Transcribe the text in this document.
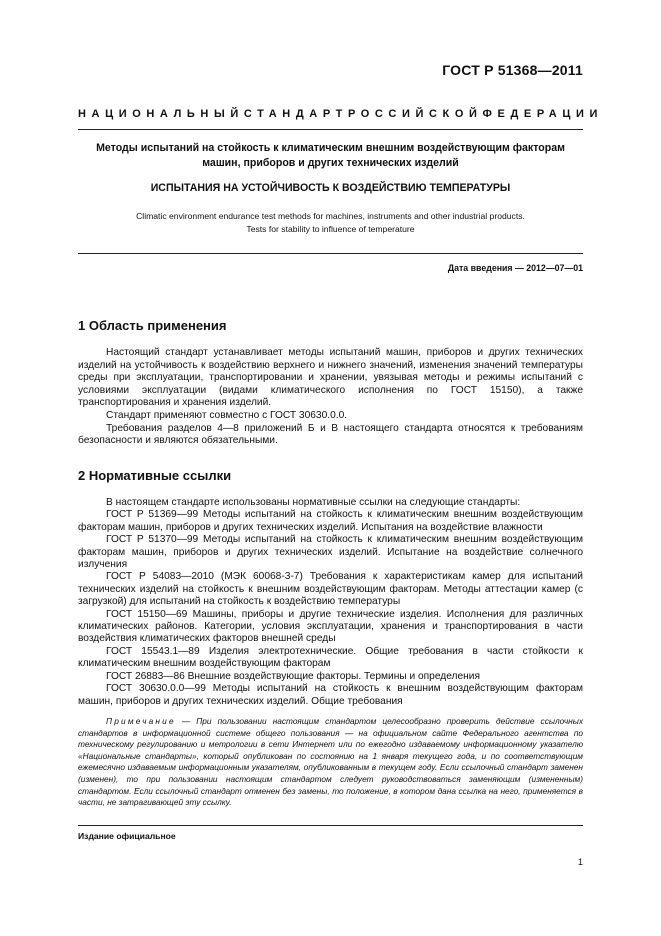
ГОСТ Р 51368—2011
НАЦИОНАЛЬНЫЙ СТАНДАРТ РОССИЙСКОЙ ФЕДЕРАЦИИ
Методы испытаний на стойкость к климатическим внешним воздействующим факторам
машин, приборов и других технических изделий
ИСПЫТАНИЯ НА УСТОЙЧИВОСТЬ К ВОЗДЕЙСТВИЮ ТЕМПЕРАТУРЫ
Climatic environment endurance test methods for machines, instruments and other industrial products.
Tests for stability to influence of temperature
Дата введения — 2012—07—01
1 Область применения

Настоящий стандарт устанавливает методы испытаний машин, приборов и других технических изделий на устойчивость к воздействию верхнего и нижнего значений, изменения значений температуры среды при эксплуатации, транспортировании и хранении, увязывая методы и режимы испытаний с условиями эксплуатации (видами климатического исполнения по ГОСТ 15150), а также транспортирования и хранения изделий.

Стандарт применяют совместно с ГОСТ 30630.0.0.

Требования разделов 4—8 приложений Б и В настоящего стандарта относятся к требованиям безопасности и являются обязательными.

2 Нормативные ссылки

В настоящем стандарте использованы нормативные ссылки на следующие стандарты:

ГОСТ Р 51369—99 Методы испытаний на стойкость к климатическим внешним воздействующим факторам машин, приборов и других технических изделий. Испытания на воздействие влажности

ГОСТ Р 51370—99 Методы испытаний на стойкость к климатическим внешним воздействующим факторам машин, приборов и других технических изделий. Испытание на воздействие солнечного излучения

ГОСТ Р 54083—2010 (МЭК 60068-3-7) Требования к характеристикам камер для испытаний технических изделий на стойкость к внешним воздействующим факторам. Методы аттестации камер (с загрузкой) для испытаний на стойкость к воздействию температуры

ГОСТ 15150—69 Машины, приборы и другие технические изделия. Исполнения для различных климатических районов. Категории, условия эксплуатации, хранения и транспортирования в части воздействия климатических факторов внешней среды

ГОСТ 15543.1—89 Изделия электротехнические. Общие требования в части стойкости к климатическим внешним воздействующим факторам

ГОСТ 26883—86 Внешние воздействующие факторы. Термины и определения

ГОСТ 30630.0.0—99 Методы испытаний на стойкость к внешним воздействующим факторам машин, приборов и других технических изделий. Общие требования

Примечание — При пользовании настоящим стандартом целесообразно проверить действие ссылочных стандартов в информационной системе общего пользования — на официальном сайте Федерального агентства по техническому регулированию и метрологии в сети Интернет или по ежегодно издаваемому информационному указателю «Национальные стандарты», который опубликован по состоянию на 1 января текущего года, и по соответствующим ежемесячно издаваемым информационным указателям, опубликованным в текущем году. Если ссылочный стандарт заменен (изменен), то при пользовании настоящим стандартом следует руководствоваться заменяющим (измененным) стандартом. Если ссылочный стандарт отменен без замены, то положение, в котором дана ссылка на него, применяется в части, не затрагивающей эту ссылку.

Издание официальное
1
